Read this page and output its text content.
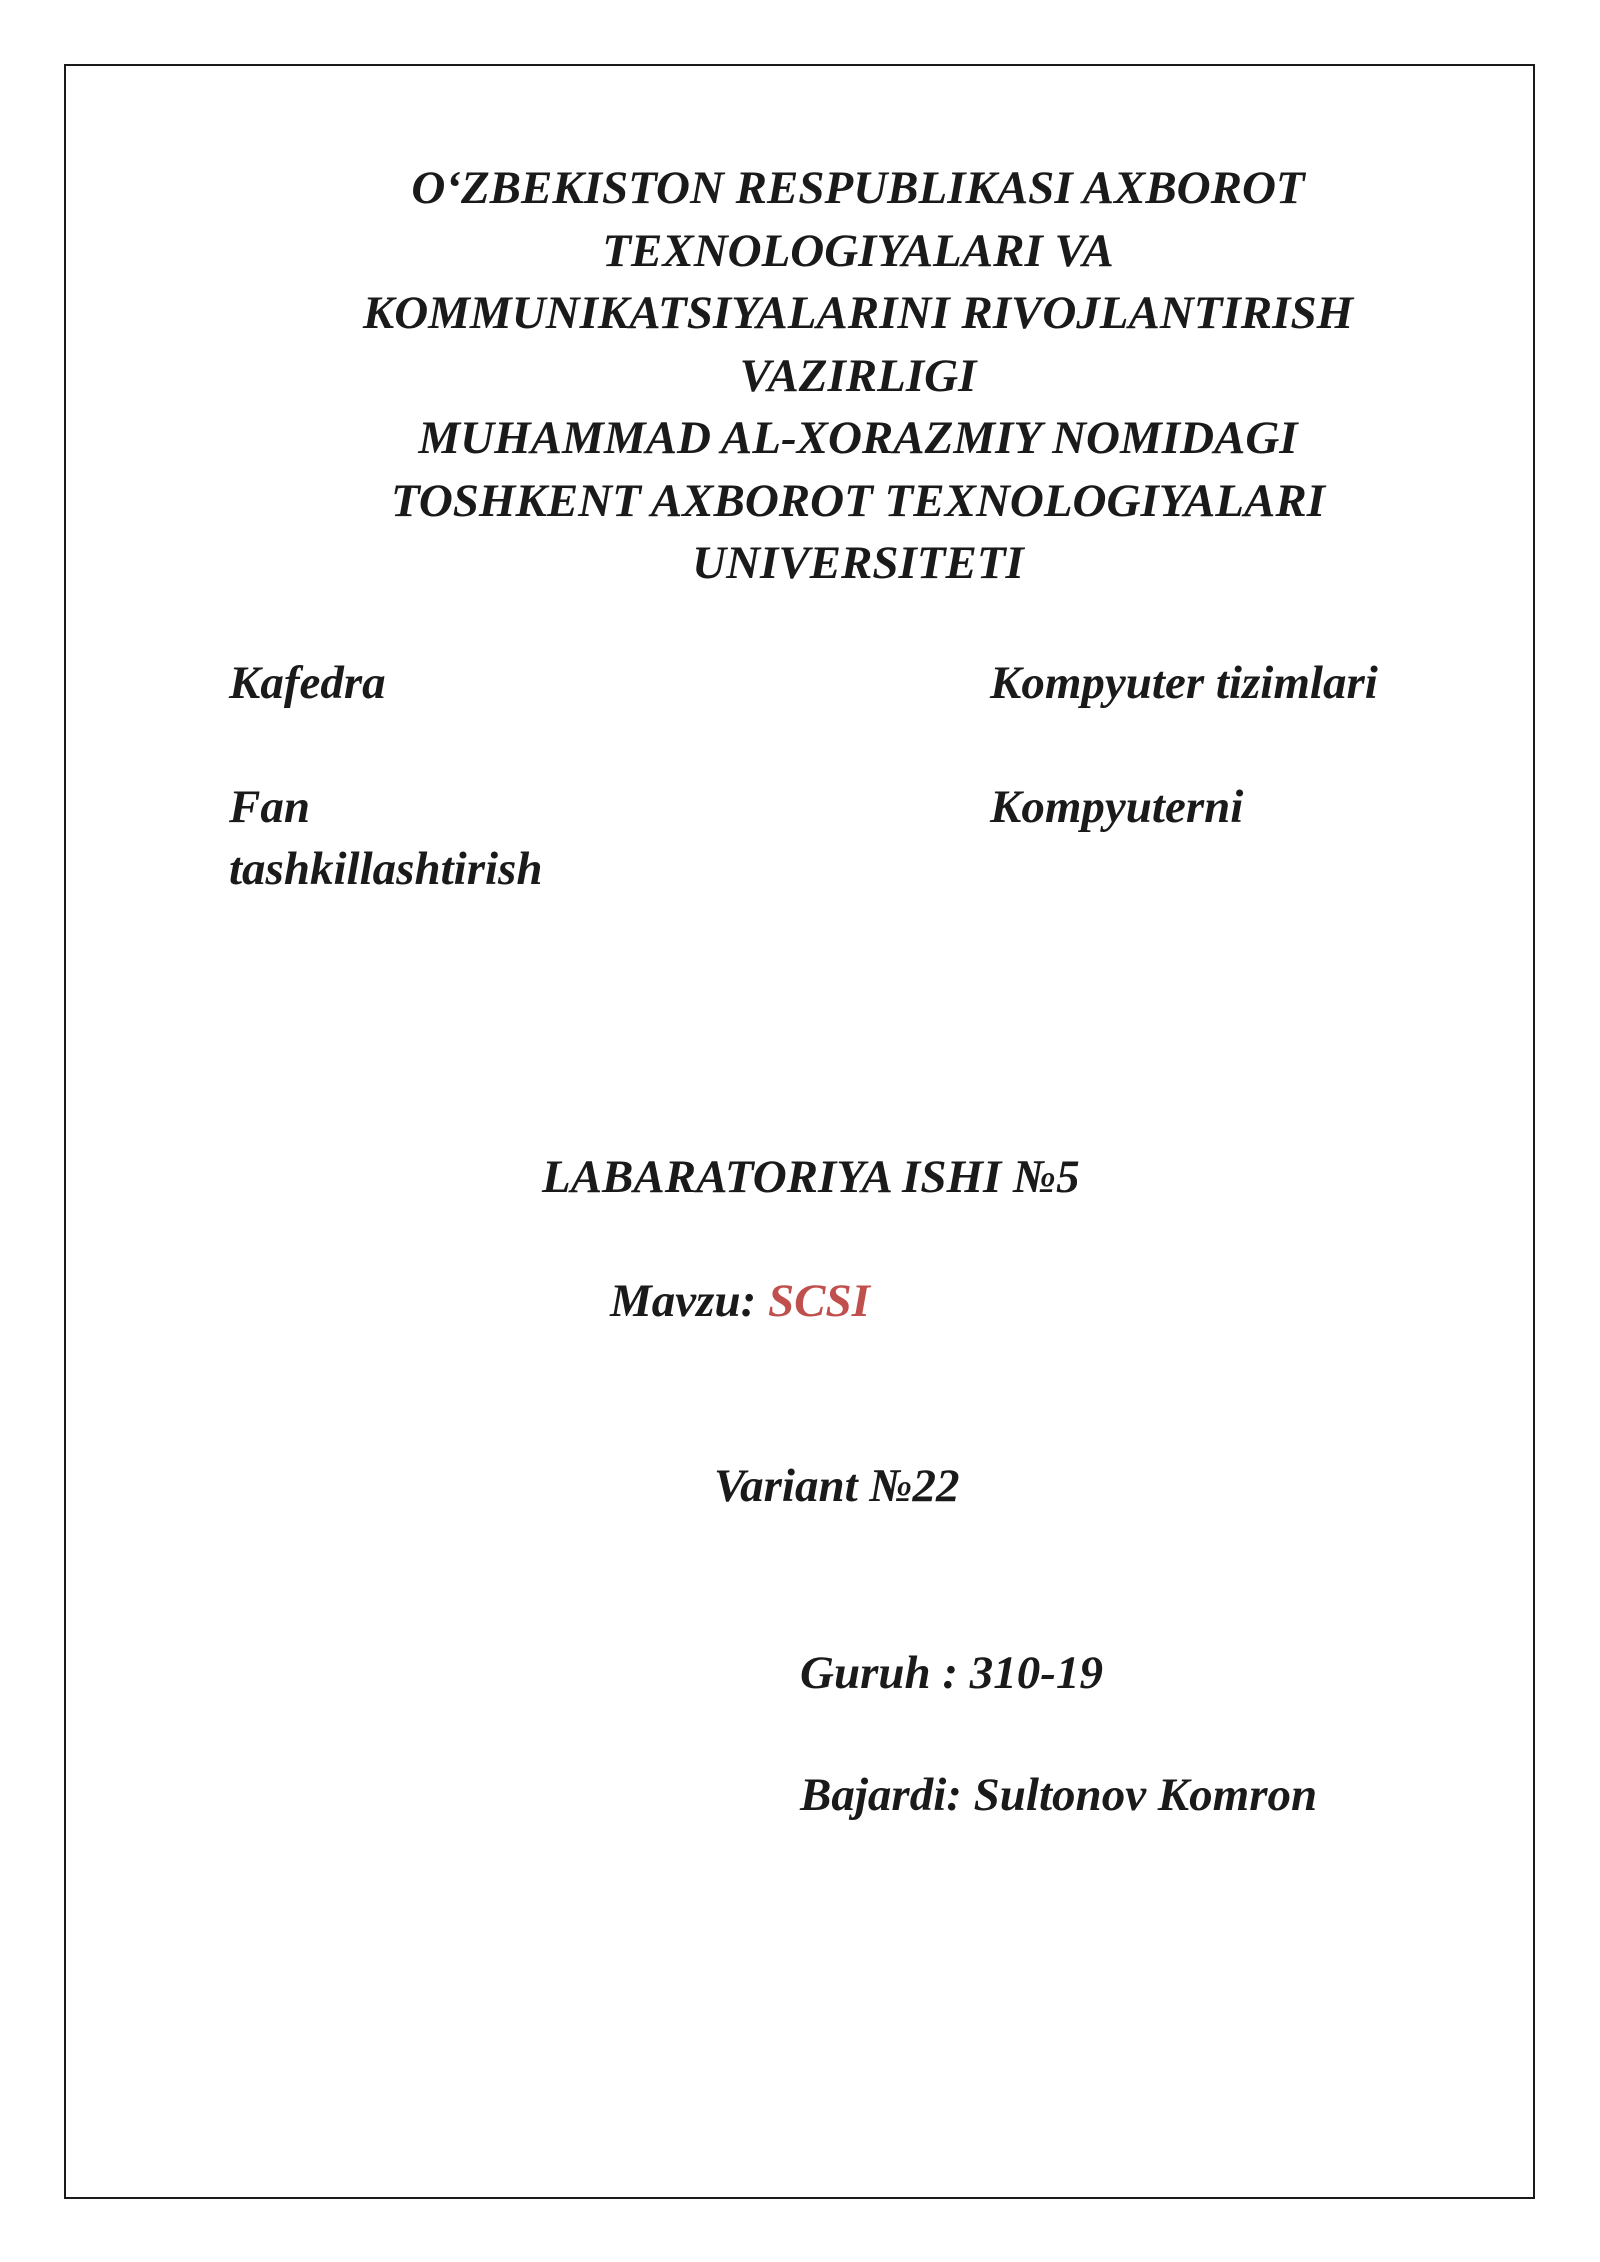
O‘ZBEKISTON RESPUBLIKASI AXBOROT
TEXNOLOGIYALARI VA
KOMMUNIKATSIYALARINI RIVOJLANTIRISH
VAZIRLIGI
MUHAMMAD AL-XORAZMIY NOMIDAGI
TOSHKENT AXBOROT TEXNOLOGIYALARI
UNIVERSITETI
Kafedra	Kompyuter tizimlari
Fan
tashkillashtirish
Kompyuterni
LABARATORIYA ISHI №5
Mavzu: SCSI
Variant №22
Guruh : 310-19
Bajardi: Sultonov Komron
